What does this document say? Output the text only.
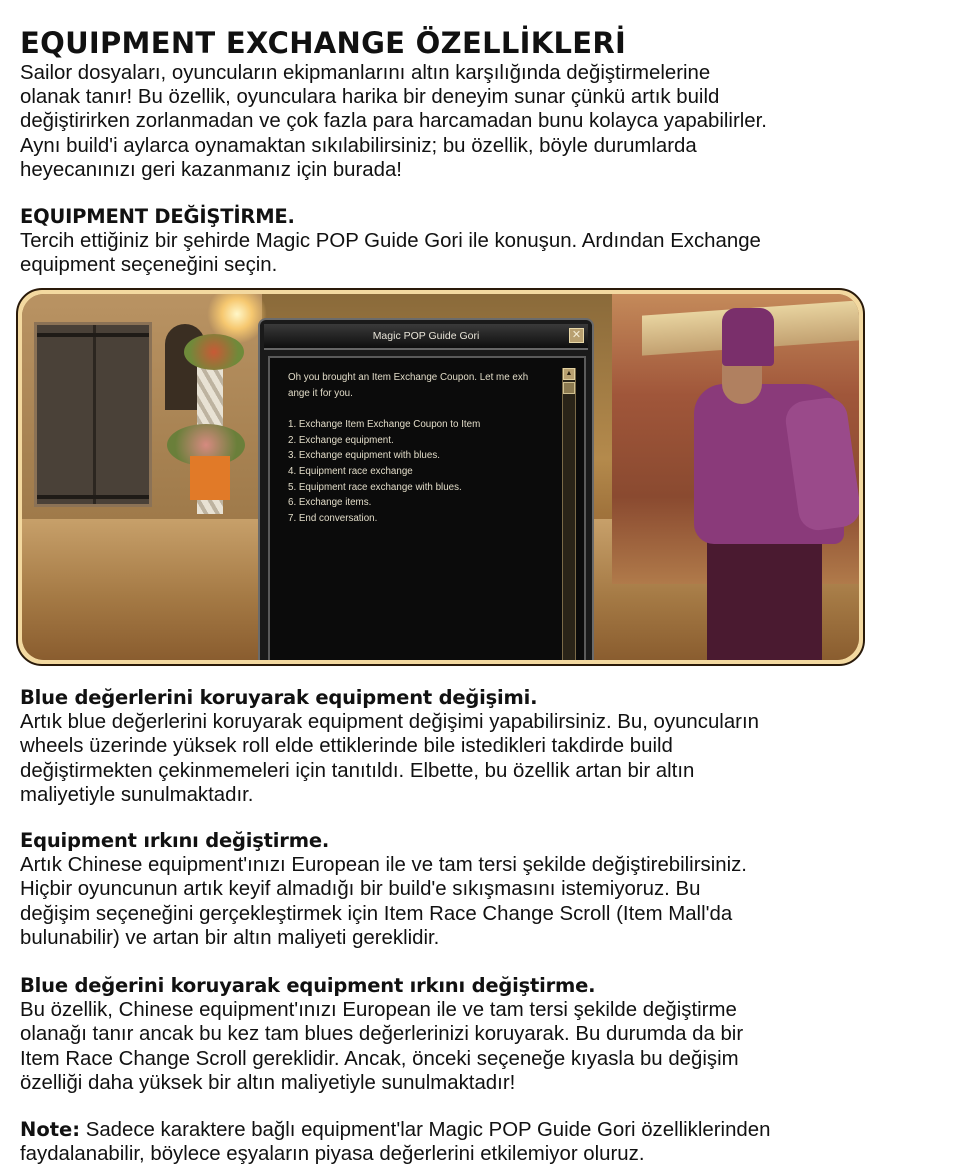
EQUIPMENT EXCHANGE ÖZELLİKLERİ

Sailor dosyaları, oyuncuların ekipmanlarını altın karşılığında değiştirmelerine

olanak tanır! Bu özellik, oyunculara harika bir deneyim sunar çünkü artık build

değiştirirken zorlanmadan ve çok fazla para harcamadan bunu kolayca yapabilirler.

Aynı build'i aylarca oynamaktan sıkılabilirsiniz; bu özellik, böyle durumlarda

heyecanınızı geri kazanmanız için burada!

EQUIPMENT DEĞİŞTİRME.

Tercih ettiğiniz bir şehirde Magic POP Guide Gori ile konuşun. Ardından Exchange

equipment seçeneğini seçin.

Blue değerlerini koruyarak equipment değişimi.

Artık blue değerlerini koruyarak equipment değişimi yapabilirsiniz. Bu, oyuncuların

wheels üzerinde yüksek roll elde ettiklerinde bile istedikleri takdirde build

değiştirmekten çekinmemeleri için tanıtıldı. Elbette, bu özellik artan bir altın

maliyetiyle sunulmaktadır.

Equipment ırkını değiştirme.

Artık Chinese equipment'ınızı European ile ve tam tersi şekilde değiştirebilirsiniz.

Hiçbir oyuncunun artık keyif almadığı bir build'e sıkışmasını istemiyoruz. Bu

değişim seçeneğini gerçekleştirmek için Item Race Change Scroll (Item Mall'da

bulunabilir) ve artan bir altın maliyeti gereklidir.

Blue değerini koruyarak equipment ırkını değiştirme.

Bu özellik, Chinese equipment'ınızı European ile ve tam tersi şekilde değiştirme

olanağı tanır ancak bu kez tam blues değerlerinizi koruyarak. Bu durumda da bir

Item Race Change Scroll gereklidir. Ancak, önceki seçeneğe kıyasla bu değişim

özelliği daha yüksek bir altın maliyetiyle sunulmaktadır!

Note: Sadece karaktere bağlı equipment'lar Magic POP Guide Gori özelliklerinden

faydalanabilir, böylece eşyaların piyasa değerlerini etkilemiyor oluruz.

Magic POP Guide Gori	✕
Oh you brought an Item Exchange Coupon. Let me exh
ange it for you.
1. Exchange Item Exchange Coupon to Item
2. Exchange equipment.
3. Exchange equipment with blues.
4. Equipment race exchange
5. Equipment race exchange with blues.
6. Exchange items.
7. End conversation.
▲
